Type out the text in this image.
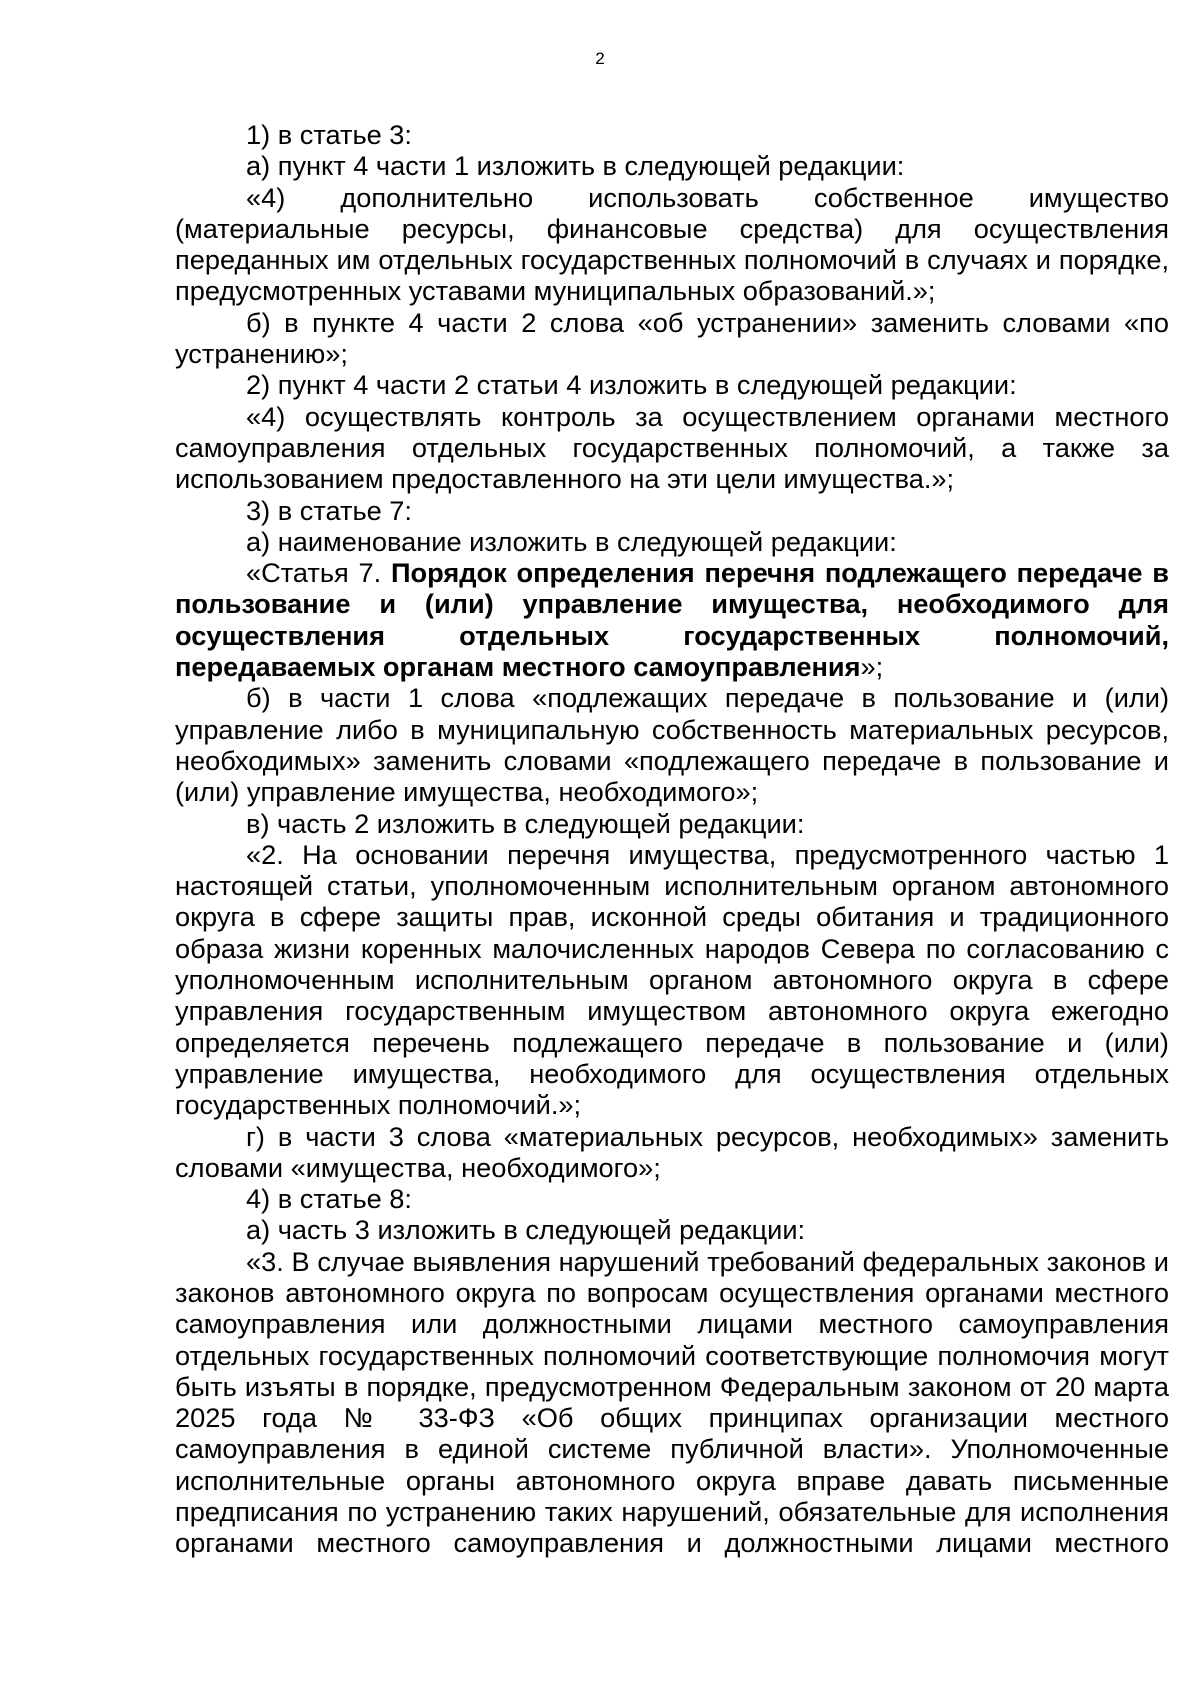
2

1) в статье 3:

а) пункт 4 части 1 изложить в следующей редакции:

«4) дополнительно использовать собственное имущество (материальные ресурсы, финансовые средства) для осуществления переданных им отдельных государственных полномочий в случаях и порядке, предусмотренных уставами муниципальных образований.»;

б) в пункте 4 части 2 слова «об устранении» заменить словами «по устранению»;

2) пункт 4 части 2 статьи 4 изложить в следующей редакции:

«4) осуществлять контроль за осуществлением органами местного самоуправления отдельных государственных полномочий, а также за использованием предоставленного на эти цели имущества.»;

3) в статье 7:

а) наименование изложить в следующей редакции:

«Статья 7. Порядок определения перечня подлежащего передаче в пользование и (или) управление имущества, необходимого для осуществления отдельных государственных полномочий, передаваемых органам местного самоуправления»;

б) в части 1 слова «подлежащих передаче в пользование и (или) управление либо в муниципальную собственность материальных ресурсов, необходимых» заменить словами «подлежащего передаче в пользование и (или) управление имущества, необходимого»;

в) часть 2 изложить в следующей редакции:

«2. На основании перечня имущества, предусмотренного частью 1 настоящей статьи, уполномоченным исполнительным органом автономного округа в сфере защиты прав, исконной среды обитания и традиционного образа жизни коренных малочисленных народов Севера по согласованию с уполномоченным исполнительным органом автономного округа в сфере управления государственным имуществом автономного округа ежегодно определяется перечень подлежащего передаче в пользование и (или) управление имущества, необходимого для осуществления отдельных государственных полномочий.»;

г) в части 3 слова «материальных ресурсов, необходимых» заменить словами «имущества, необходимого»;

4) в статье 8:

а) часть 3 изложить в следующей редакции:

«3. В случае выявления нарушений требований федеральных законов и законов автономного округа по вопросам осуществления органами местного самоуправления или должностными лицами местного самоуправления отдельных государственных полномочий соответствующие полномочия могут быть изъяты в порядке, предусмотренном Федеральным законом от 20 марта 2025 года № 33-ФЗ «Об общих принципах организации местного самоуправления в единой системе публичной власти». Уполномоченные исполнительные органы автономного округа вправе давать письменные предписания по устранению таких нарушений, обязательные для исполнения органами местного самоуправления и должностными лицами местного
